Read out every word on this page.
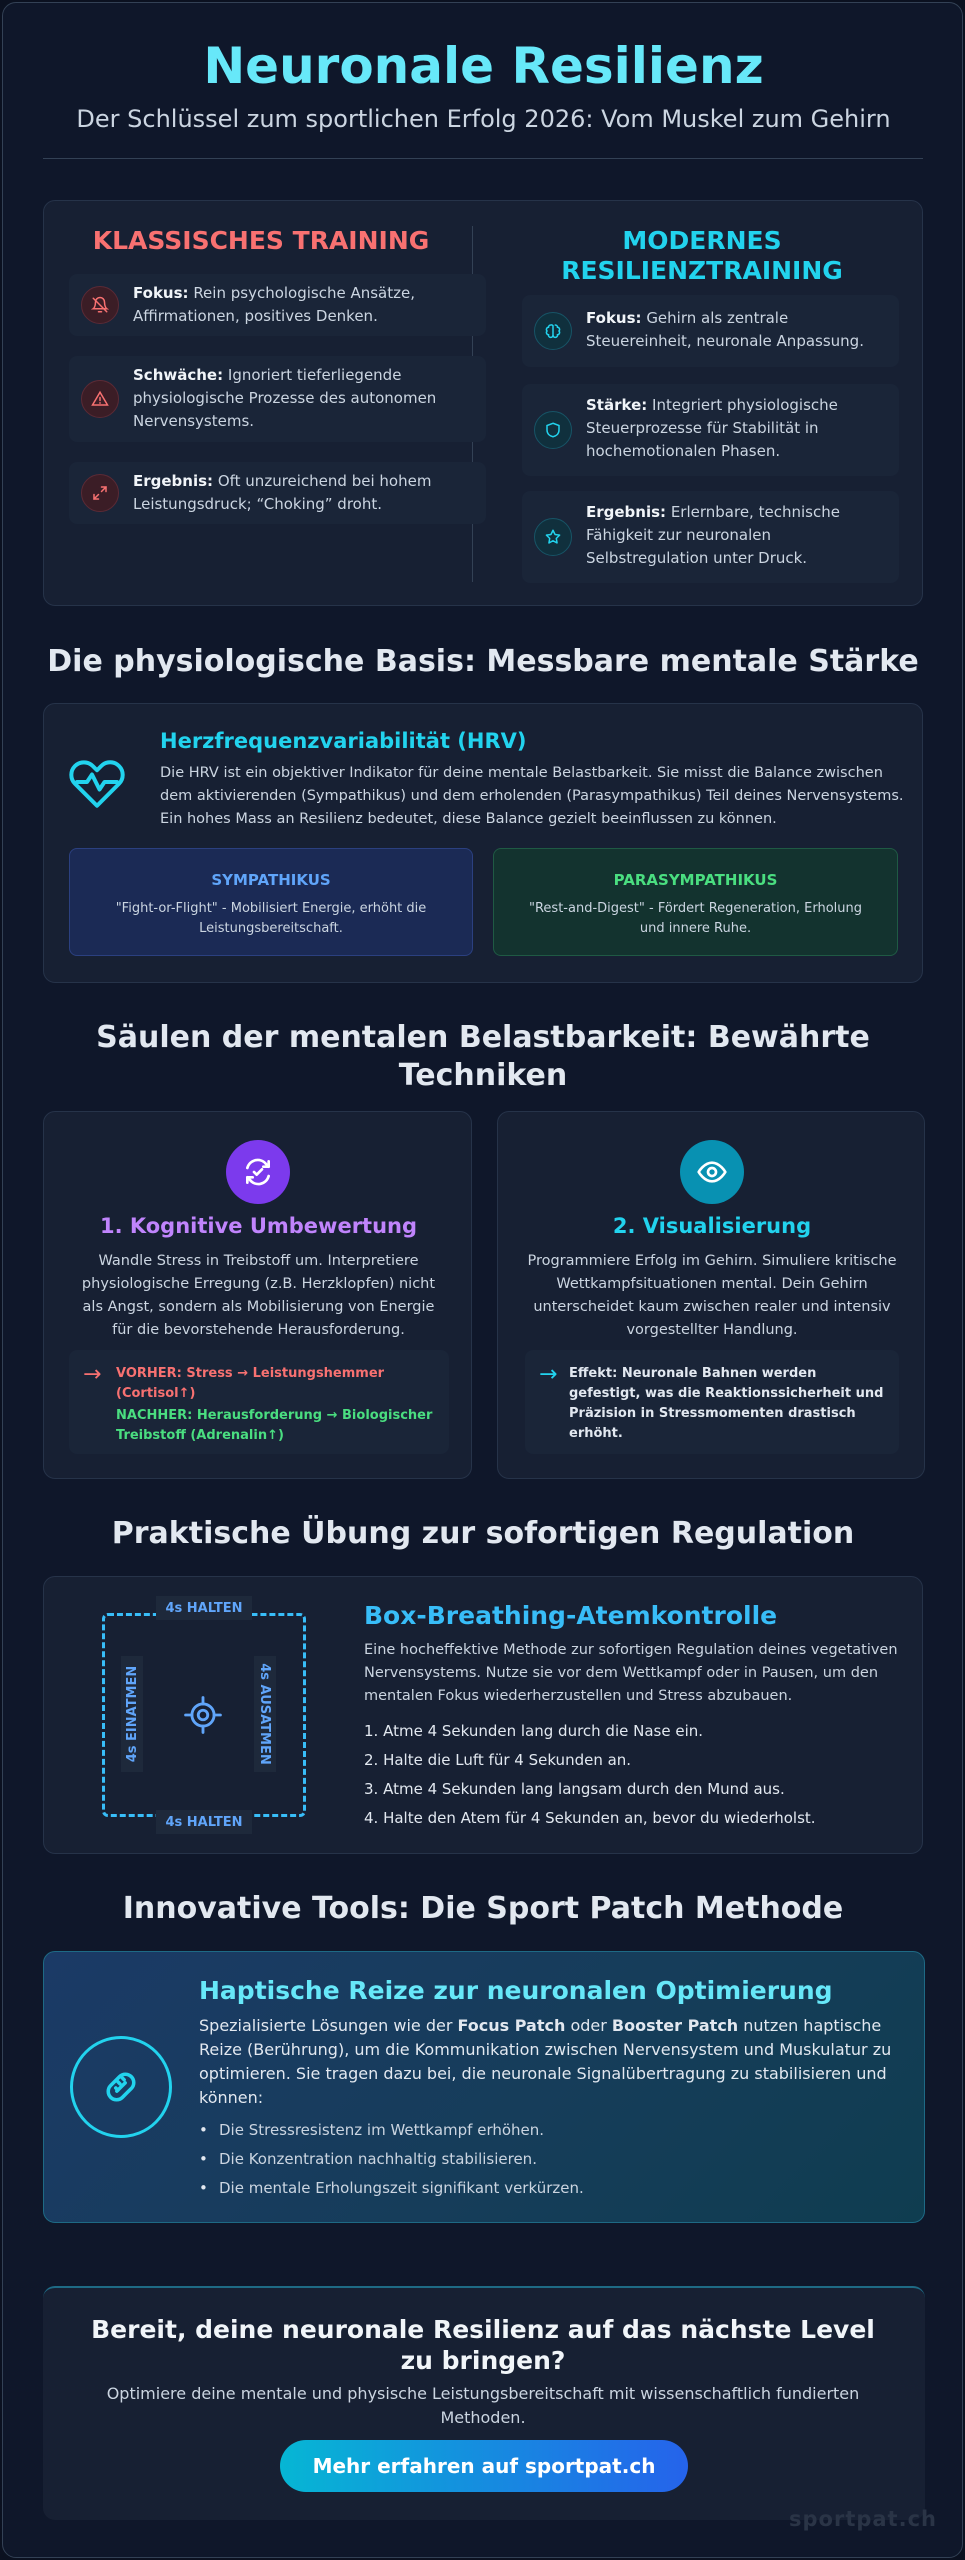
Neuronale Resilienz
Der Schlüssel zum sportlichen Erfolg 2026: Vom Muskel zum Gehirn
KLASSISCHES TRAINING
Fokus: Rein psychologische Ansätze, Affirmationen, positives Denken.
Schwäche: Ignoriert tieferliegende physiologische Prozesse des autonomen Nervensystems.
Ergebnis: Oft unzureichend bei hohem Leistungsdruck; “Choking” droht.
MODERNES RESILIENZTRAINING
Fokus: Gehirn als zentrale Steuereinheit, neuronale Anpassung.
Stärke: Integriert physiologische Steuerprozesse für Stabilität in hochemotionalen Phasen.
Ergebnis: Erlernbare, technische Fähigkeit zur neuronalen Selbstregulation unter Druck.
Die physiologische Basis: Messbare mentale Stärke
Herzfrequenzvariabilität (HRV)
Die HRV ist ein objektiver Indikator für deine mentale Belastbarkeit. Sie misst die Balance zwischen dem aktivierenden (Sympathikus) und dem erholenden (Parasympathikus) Teil deines Nervensystems. Ein hohes Mass an Resilienz bedeutet, diese Balance gezielt beeinflussen zu können.
SYMPATHIKUS
"Fight-or-Flight" - Mobilisiert Energie, erhöht die Leistungsbereitschaft.
PARASYMPATHIKUS
"Rest-and-Digest" - Fördert Regeneration, Erholung und innere Ruhe.
Säulen der mentalen Belastbarkeit: Bewährte Techniken
1. Kognitive Umbewertung
Wandle Stress in Treibstoff um. Interpretiere physiologische Erregung (z.B. Herzklopfen) nicht als Angst, sondern als Mobilisierung von Energie für die bevorstehende Herausforderung.
→ VORHER: Stress → Leistungshemmer (Cortisol↑)
NACHHER: Herausforderung → Biologischer Treibstoff (Adrenalin↑)
2. Visualisierung
Programmiere Erfolg im Gehirn. Simuliere kritische Wettkampfsituationen mental. Dein Gehirn unterscheidet kaum zwischen realer und intensiv vorgestellter Handlung.
→ Effekt: Neuronale Bahnen werden gefestigt, was die Reaktionssicherheit und Präzision in Stressmomenten drastisch erhöht.
Praktische Übung zur sofortigen Regulation
4s HALTEN
4s HALTEN
4s EINATMEN	4s AUSATMEN
Box-Breathing-Atemkontrolle
Eine hocheffektive Methode zur sofortigen Regulation deines vegetativen Nervensystems. Nutze sie vor dem Wettkampf oder in Pausen, um den mentalen Fokus wiederherzustellen und Stress abzubauen.
1. Atme 4 Sekunden lang durch die Nase ein.
2. Halte die Luft für 4 Sekunden an.
3. Atme 4 Sekunden lang langsam durch den Mund aus.
4. Halte den Atem für 4 Sekunden an, bevor du wiederholst.
Innovative Tools: Die Sport Patch Methode
Haptische Reize zur neuronalen Optimierung
Spezialisierte Lösungen wie der Focus Patch oder Booster Patch nutzen haptische Reize (Berührung), um die Kommunikation zwischen Nervensystem und Muskulatur zu optimieren. Sie tragen dazu bei, die neuronale Signalübertragung zu stabilisieren und können:
• Die Stressresistenz im Wettkampf erhöhen.
• Die Konzentration nachhaltig stabilisieren.
• Die mentale Erholungszeit signifikant verkürzen.
Bereit, deine neuronale Resilienz auf das nächste Level zu bringen?
Optimiere deine mentale und physische Leistungsbereitschaft mit wissenschaftlich fundierten Methoden.
Mehr erfahren auf sportpat.ch
sportpat.ch
